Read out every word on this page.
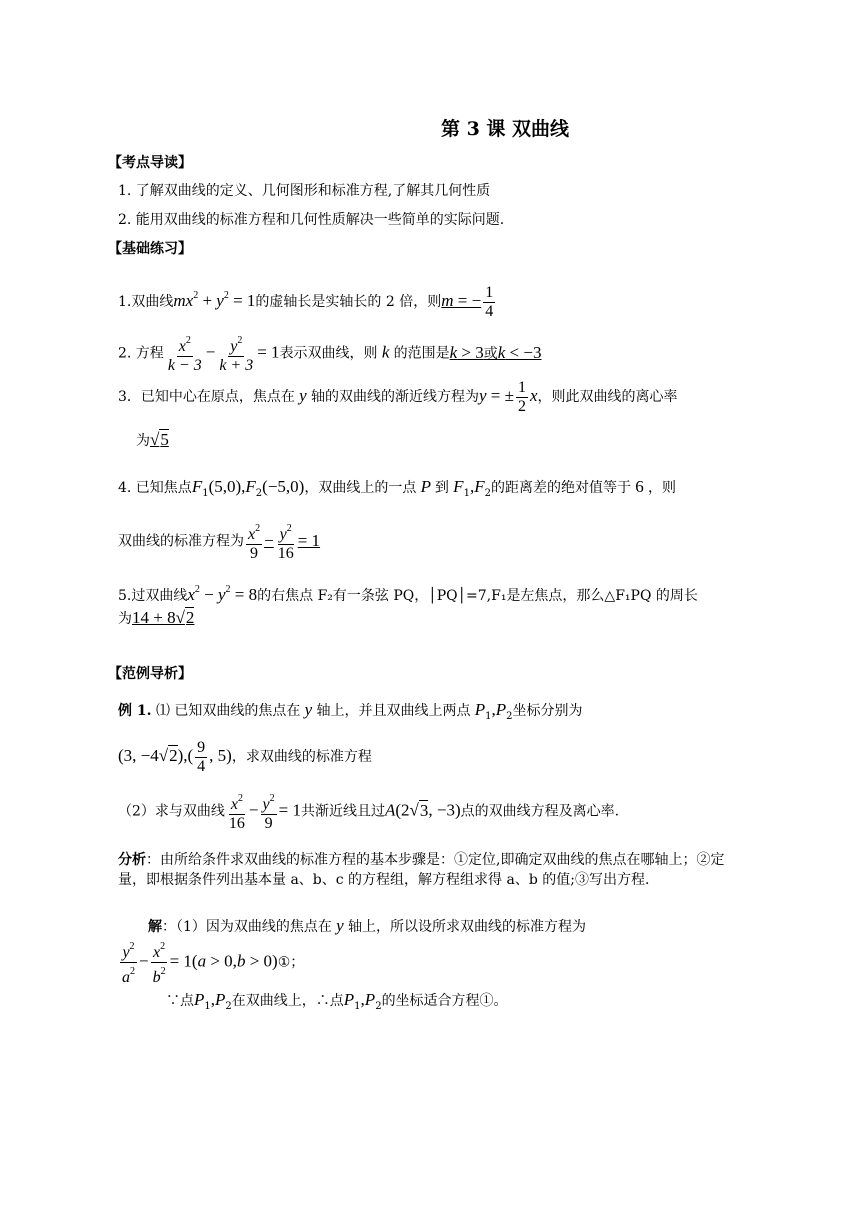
第 3 课 双曲线
【考点导读】
1. 了解双曲线的定义、几何图形和标准方程,了解其几何性质
2. 能用双曲线的标准方程和几何性质解决一些简单的实际问题.
【基础练习】
1.双曲线$mx^2 + y^2 = 1$的虚轴长是实轴长的 2 倍，则m = − $\frac{1}{4}$
2. 方程 $\frac{x^2}{k - 3} - \frac{y^2}{k + 3} = 1$表示双曲线，则 k 的范围是k > 3或k < −3
3．已知中心在原点，焦点在 y 轴的双曲线的渐近线方程为y = ± $\frac{1}{2}$ x，则此双曲线的离心率
为√5
4. 已知焦点$F_1(5,0),F_2(-5,0)$，双曲线上的一点 P 到 $F_1,F_2$的距离差的绝对值等于 6 ，则
双曲线的标准方程为 $\frac{x^2}{9} - \frac{y^2}{16} = 1$
5.过双曲线$x^2 - y^2 = 8$的右焦点 F₂有一条弦 PQ，│PQ│=7,F₁是左焦点，那么△F₁PQ 的周长
为14 + 8√2
【范例导析】
例 1. ⑴ 已知双曲线的焦点在 y 轴上，并且双曲线上两点 $P_1,P_2$坐标分别为
(3, $-4√2),( \frac{9}{4}$ , 5)，求双曲线的标准方程
（2）求与双曲线 $\frac{x^2}{16} - \frac{y^2}{9} = 1$共渐近线且过A(2√3, −3)点的双曲线方程及离心率.
分析：由所给条件求双曲线的标准方程的基本步骤是：①定位,即确定双曲线的焦点在哪轴上；②定量，即根据条件列出基本量 a、b、c 的方程组，解方程组求得 a、b 的值;③写出方程.
解：（1）因为双曲线的焦点在 y 轴上，所以设所求双曲线的标准方程为
$\frac{y^2}{a^2} - \frac{x^2}{b^2} = 1(a > 0,b$ > 0)①；
∵点$P_1,P_2$在双曲线上，∴点$P_1,P_2$的坐标适合方程①。
